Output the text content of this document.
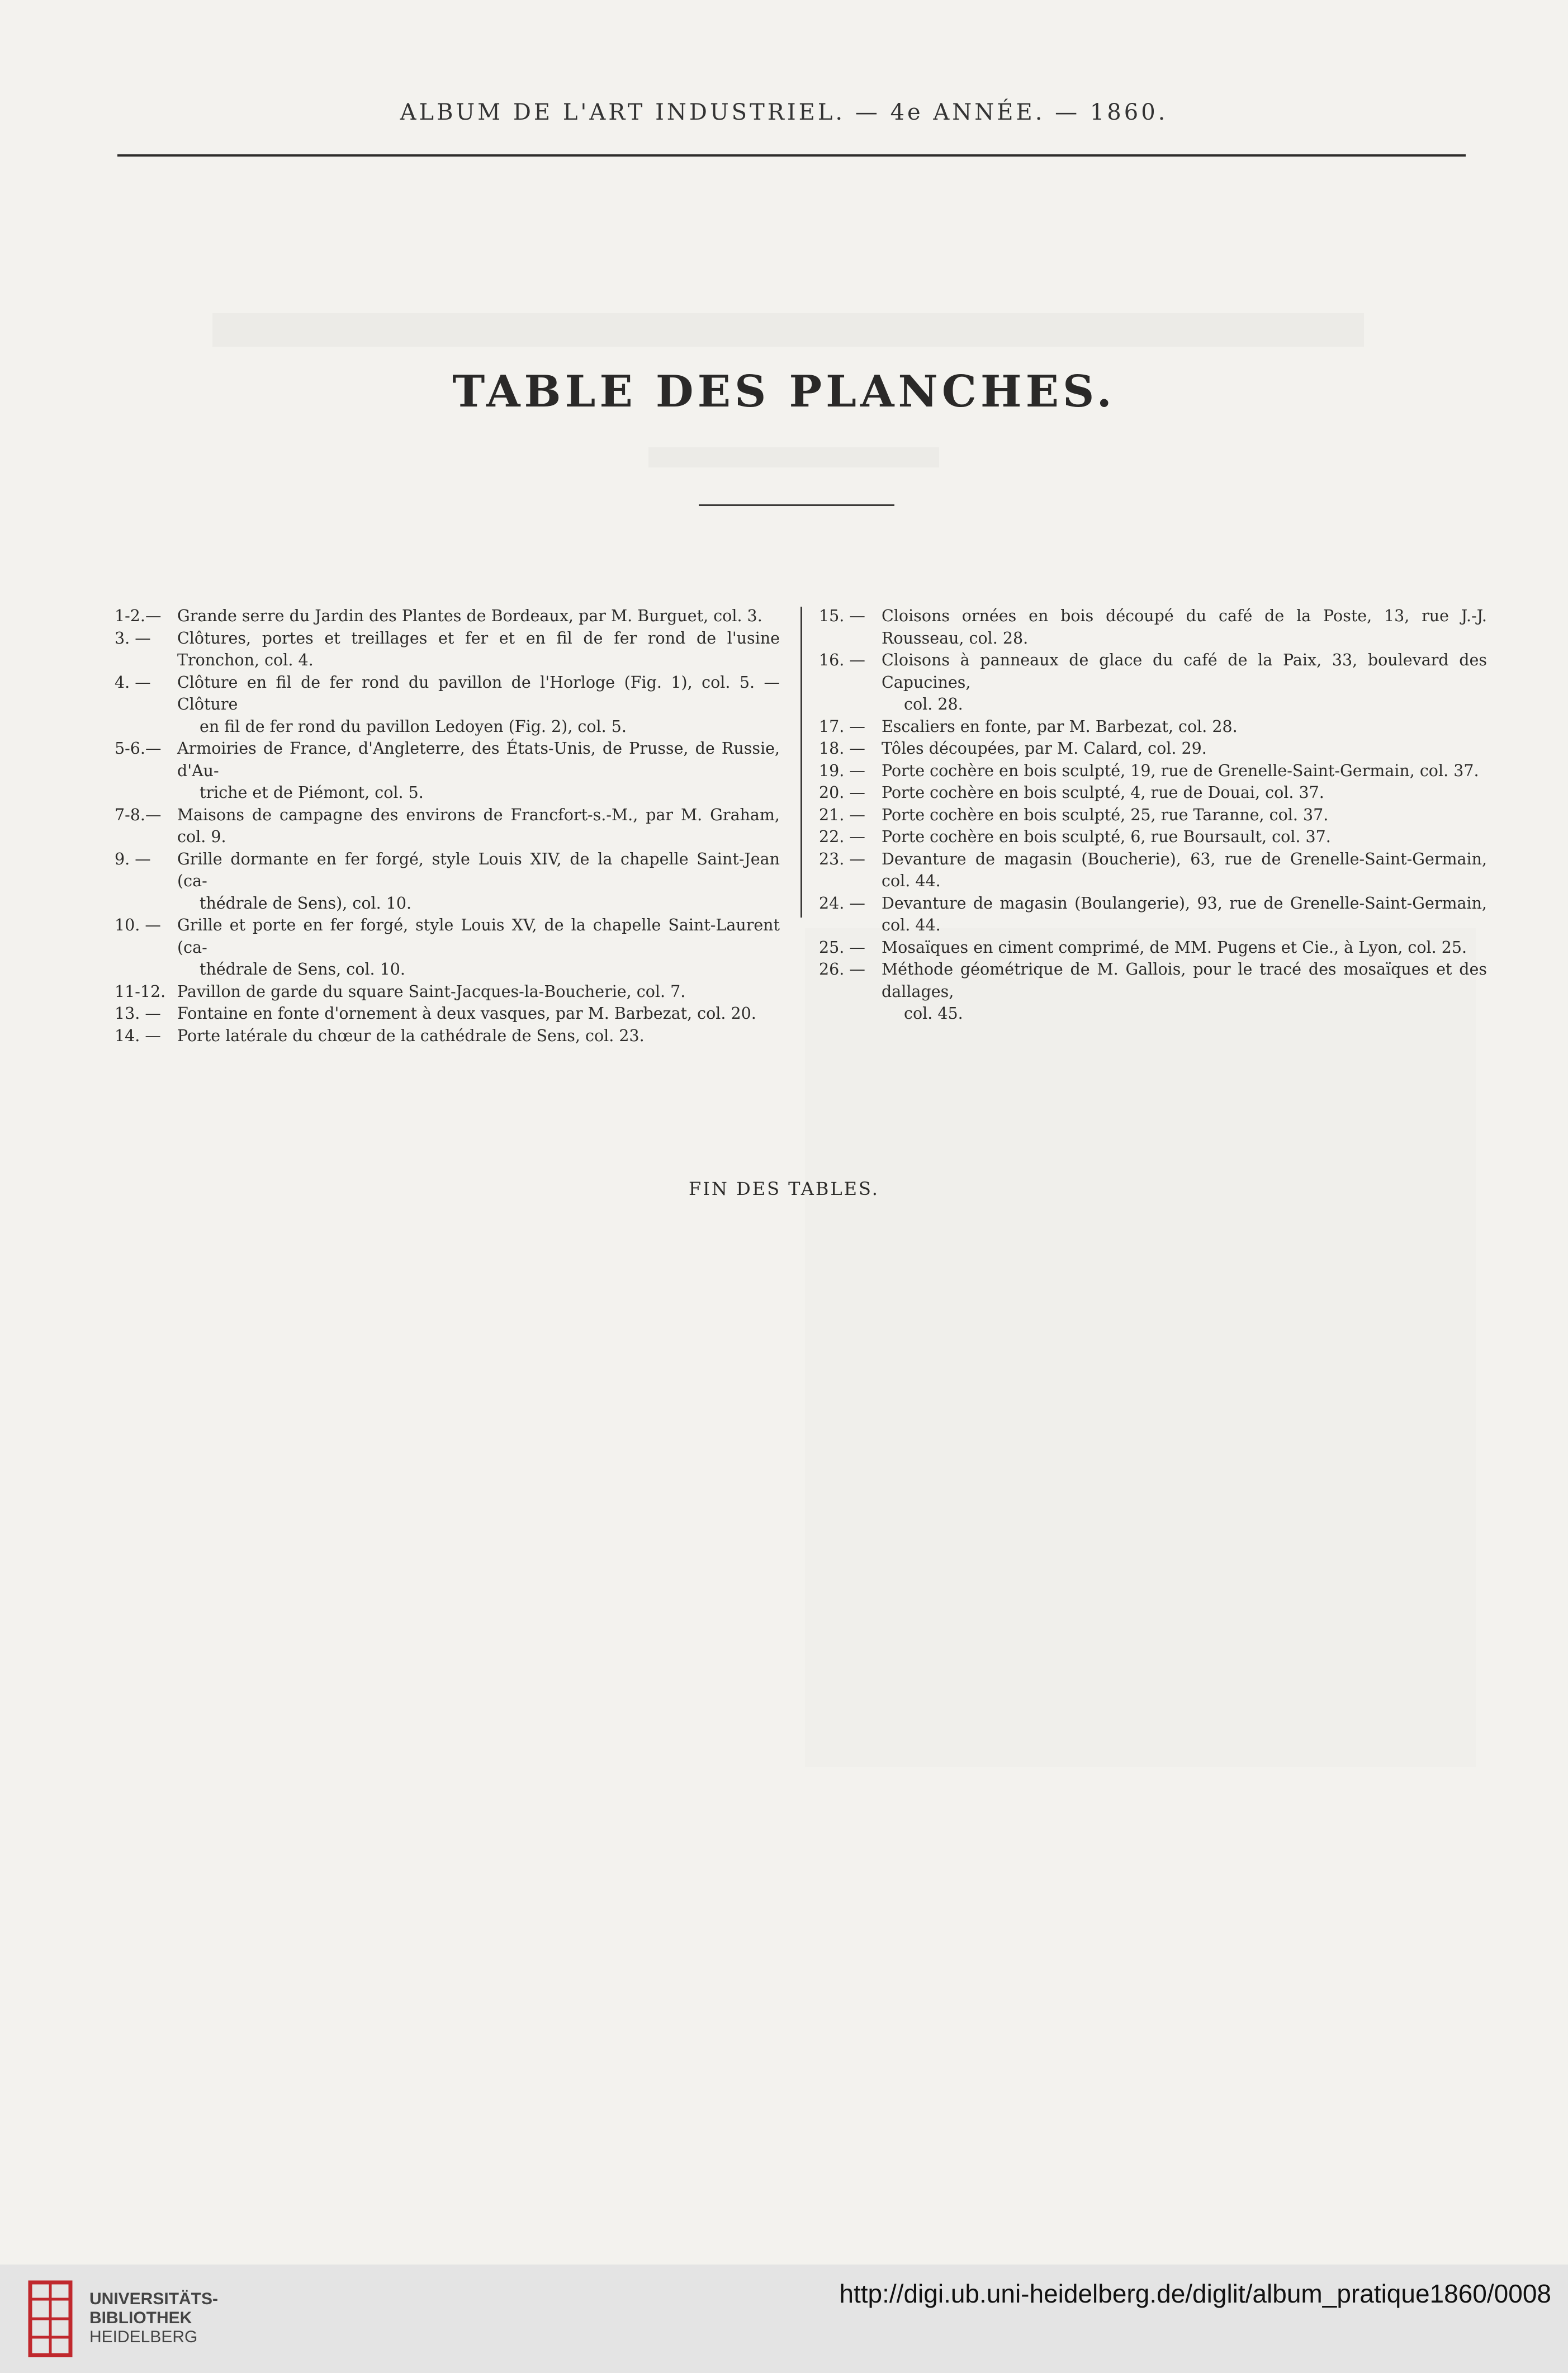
ALBUM DE L'ART INDUSTRIEL. — 4e ANNÉE. — 1860.
TABLE DES PLANCHES.
1-2.—	Grande serre du Jardin des Plantes de Bordeaux, par M. Burguet, col. 3.
3. —	Clôtures, portes et treillages et fer et en fil de fer rond de l'usine Tronchon, col. 4.
4. —	Clôture en fil de fer rond du pavillon de l'Horloge (Fig. 1), col. 5. — Clôture
en fil de fer rond du pavillon Ledoyen (Fig. 2), col. 5.
5-6.—	Armoiries de France, d'Angleterre, des États-Unis, de Prusse, de Russie, d'Au-
triche et de Piémont, col. 5.
7-8.—	Maisons de campagne des environs de Francfort-s.-M., par M. Graham, col. 9.
9. —	Grille dormante en fer forgé, style Louis XIV, de la chapelle Saint-Jean (ca-
thédrale de Sens), col. 10.
10. —	Grille et porte en fer forgé, style Louis XV, de la chapelle Saint-Laurent (ca-
thédrale de Sens, col. 10.
11-12. Pavillon de garde du square Saint-Jacques-la-Boucherie, col. 7.
13. —	Fontaine en fonte d'ornement à deux vasques, par M. Barbezat, col. 20.
14. —	Porte latérale du chœur de la cathédrale de Sens, col. 23.
15. —	Cloisons ornées en bois découpé du café de la Poste, 13, rue J.-J. Rousseau, col. 28.
16. —	Cloisons à panneaux de glace du café de la Paix, 33, boulevard des Capucines,
col. 28.
17. —	Escaliers en fonte, par M. Barbezat, col. 28.
18. —	Tôles découpées, par M. Calard, col. 29.
19. —	Porte cochère en bois sculpté, 19, rue de Grenelle-Saint-Germain, col. 37.
20. —	Porte cochère en bois sculpté, 4, rue de Douai, col. 37.
21. —	Porte cochère en bois sculpté, 25, rue Taranne, col. 37.
22. —	Porte cochère en bois sculpté, 6, rue Boursault, col. 37.
23. —	Devanture de magasin (Boucherie), 63, rue de Grenelle-Saint-Germain, col. 44.
24. —	Devanture de magasin (Boulangerie), 93, rue de Grenelle-Saint-Germain, col. 44.
25. —	Mosaïques en ciment comprimé, de MM. Pugens et Cie., à Lyon, col. 25.
26. —	Méthode géométrique de M. Gallois, pour le tracé des mosaïques et des dallages,
col. 45.
FIN DES TABLES.
UNIVERSITÄTS-
BIBLIOTHEK
HEIDELBERG
http://digi.ub.uni-heidelberg.de/diglit/album_pratique1860/0008
